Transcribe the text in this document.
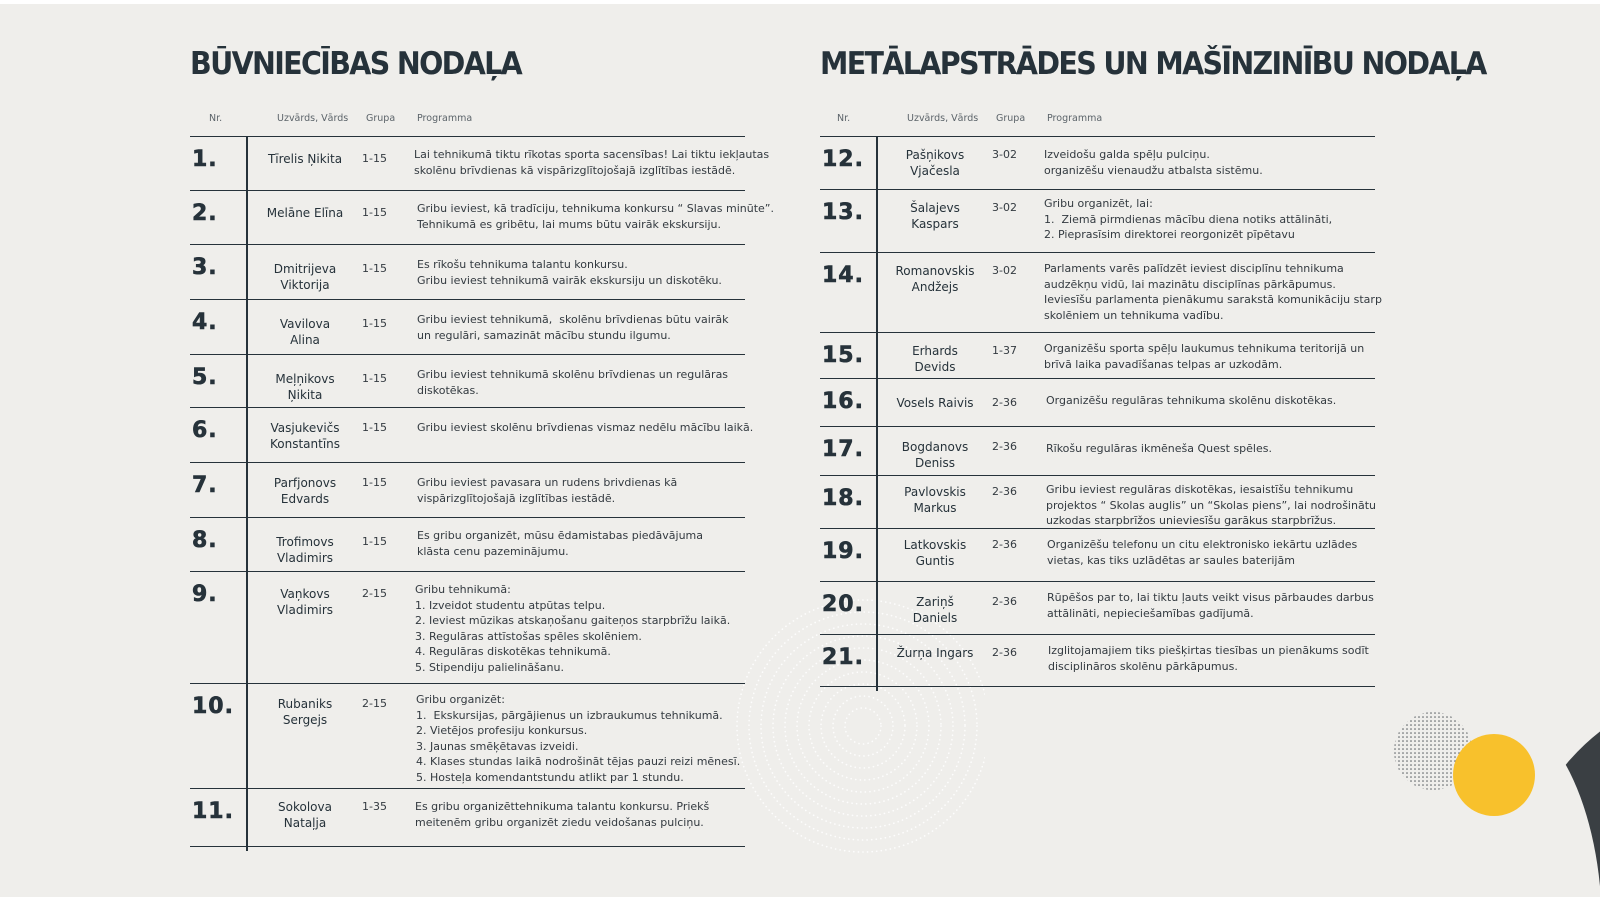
BŪVNIECĪBAS NODAĻA
Nr.	Uzvārds, Vārds Grupa Programma
1.	Tīrelis Ņikita	1-15	Lai tehnikumā tiktu rīkotas sporta sacensības! Lai tiktu iekļautas
skolēnu brīvdienas kā vispārizglītojošajā izglītības iestādē.
2.	Melāne Elīna	1-15	Gribu ieviest, kā tradīciju, tehnikuma konkursu “ Slavas minūte”.
Tehnikumā es gribētu, lai mums būtu vairāk ekskursiju.
3.	Dmitrijeva
Viktorija
1-15	Es rīkošu tehnikuma talantu konkursu.
Gribu ieviest tehnikumā vairāk ekskursiju un diskotēku.
4.	Vavilova
Alina
1-15	Gribu ieviest tehnikumā,  skolēnu brīvdienas būtu vairāk
un regulāri, samazināt mācību stundu ilgumu.
5.	Meļņikovs
Ņikita
1-15	Gribu ieviest tehnikumā skolēnu brīvdienas un regulāras
diskotēkas.
6.	Vasjukevičs
Konstantīns
1-15	Gribu ieviest skolēnu brīvdienas vismaz nedēlu mācību laikā.
7.	Parfjonovs
Edvards
1-15	Gribu ieviest pavasara un rudens brivdienas kā
vispārizglītojošajā izglītības iestādē.
8.	Trofimovs
Vladimirs
1-15	Es gribu organizēt, mūsu ēdamistabas piedāvājuma
klāsta cenu pazeminājumu.
9.	Vaņkovs
Vladimirs
2-15	Gribu tehnikumā:
1. Izveidot studentu atpūtas telpu.
2. Ieviest mūzikas atskaņošanu gaiteņos starpbrīžu laikā.
3. Regulāras attīstošas spēles skolēniem.
4. Regulāras diskotēkas tehnikumā.
5. Stipendiju palielināšanu.
10.	Rubaniks
Sergejs
2-15	Gribu organizēt:
1.  Ekskursijas, pārgājienus un izbraukumus tehnikumā.
2. Vietējos profesiju konkursus.
3. Jaunas smēķētavas izveidi.
4. Klases stundas laikā nodrošināt tējas pauzi reizi mēnesī.
5. Hosteļa komendantstundu atlikt par 1 stundu.
11.	Sokolova
Nataļja
1-35	Es gribu organizēttehnikuma talantu konkursu. Priekš
meitenēm gribu organizēt ziedu veidošanas pulciņu.
METĀLAPSTRĀDES UN MAŠĪNZINĪBU NODAĻA
Nr.	Uzvārds, Vārds Grupa Programma
12.	Pašņikovs
Vjačeslа
3-02	Izveidošu galda spēļu pulciņu.
organizēšu vienaudžu atbalsta sistēmu.
13.	Šalajevs
Kaspars
3-02	Gribu organizēt, lai:
1.  Ziemā pirmdienas mācību diena notiks attālināti,
2. Pieprasīsim direktorei reorgonizēt pīpētavu
14.	Romanovskis
Andžejs
3-02	Parlaments varēs palīdzēt ieviest disciplīnu tehnikuma
audzēkņu vidū, lai mazinātu disciplīnas pārkāpumus.
Ieviesīšu parlamenta pienākumu sarakstā komunikāciju starp
skolēniem un tehnikuma vadību.
15.	Erhards
Devids
1-37	Organizēšu sporta spēļu laukumus tehnikuma teritorijā un
brīvā laika pavadīšanas telpas ar uzkodām.
16.	Vosels Raivis	2-36	Organizēšu regulāras tehnikuma skolēnu diskotēkas.
17.	Bogdanovs
Deniss
2-36	Rīkošu regulāras ikmēneša Quest spēles.
18.	Pavlovskis
Markus
2-36	Gribu ieviest regulāras diskotēkas, iesaistīšu tehnikumu
projektos “ Skolas auglis” un “Skolas piens”, lai nodrošinātu
uzkodas starpbrīžos unieviesīšu garākus starpbrīžus.
19.	Latkovskis
Guntis
2-36	Organizēšu telefonu un citu elektronisko iekārtu uzlādes
vietas, kas tiks uzlādētas ar saules baterijām
20.	Zariņš
Daniels
2-36	Rūpēšos par to, lai tiktu ļauts veikt visus pārbaudes darbus
attālināti, nepieciešamības gadījumā.
21.	Žurņa Ingars	2-36	Izglitojamajiem tiks piešķirtas tiesības un pienākums sodīt
disciplināros skolēnu pārkāpumus.
